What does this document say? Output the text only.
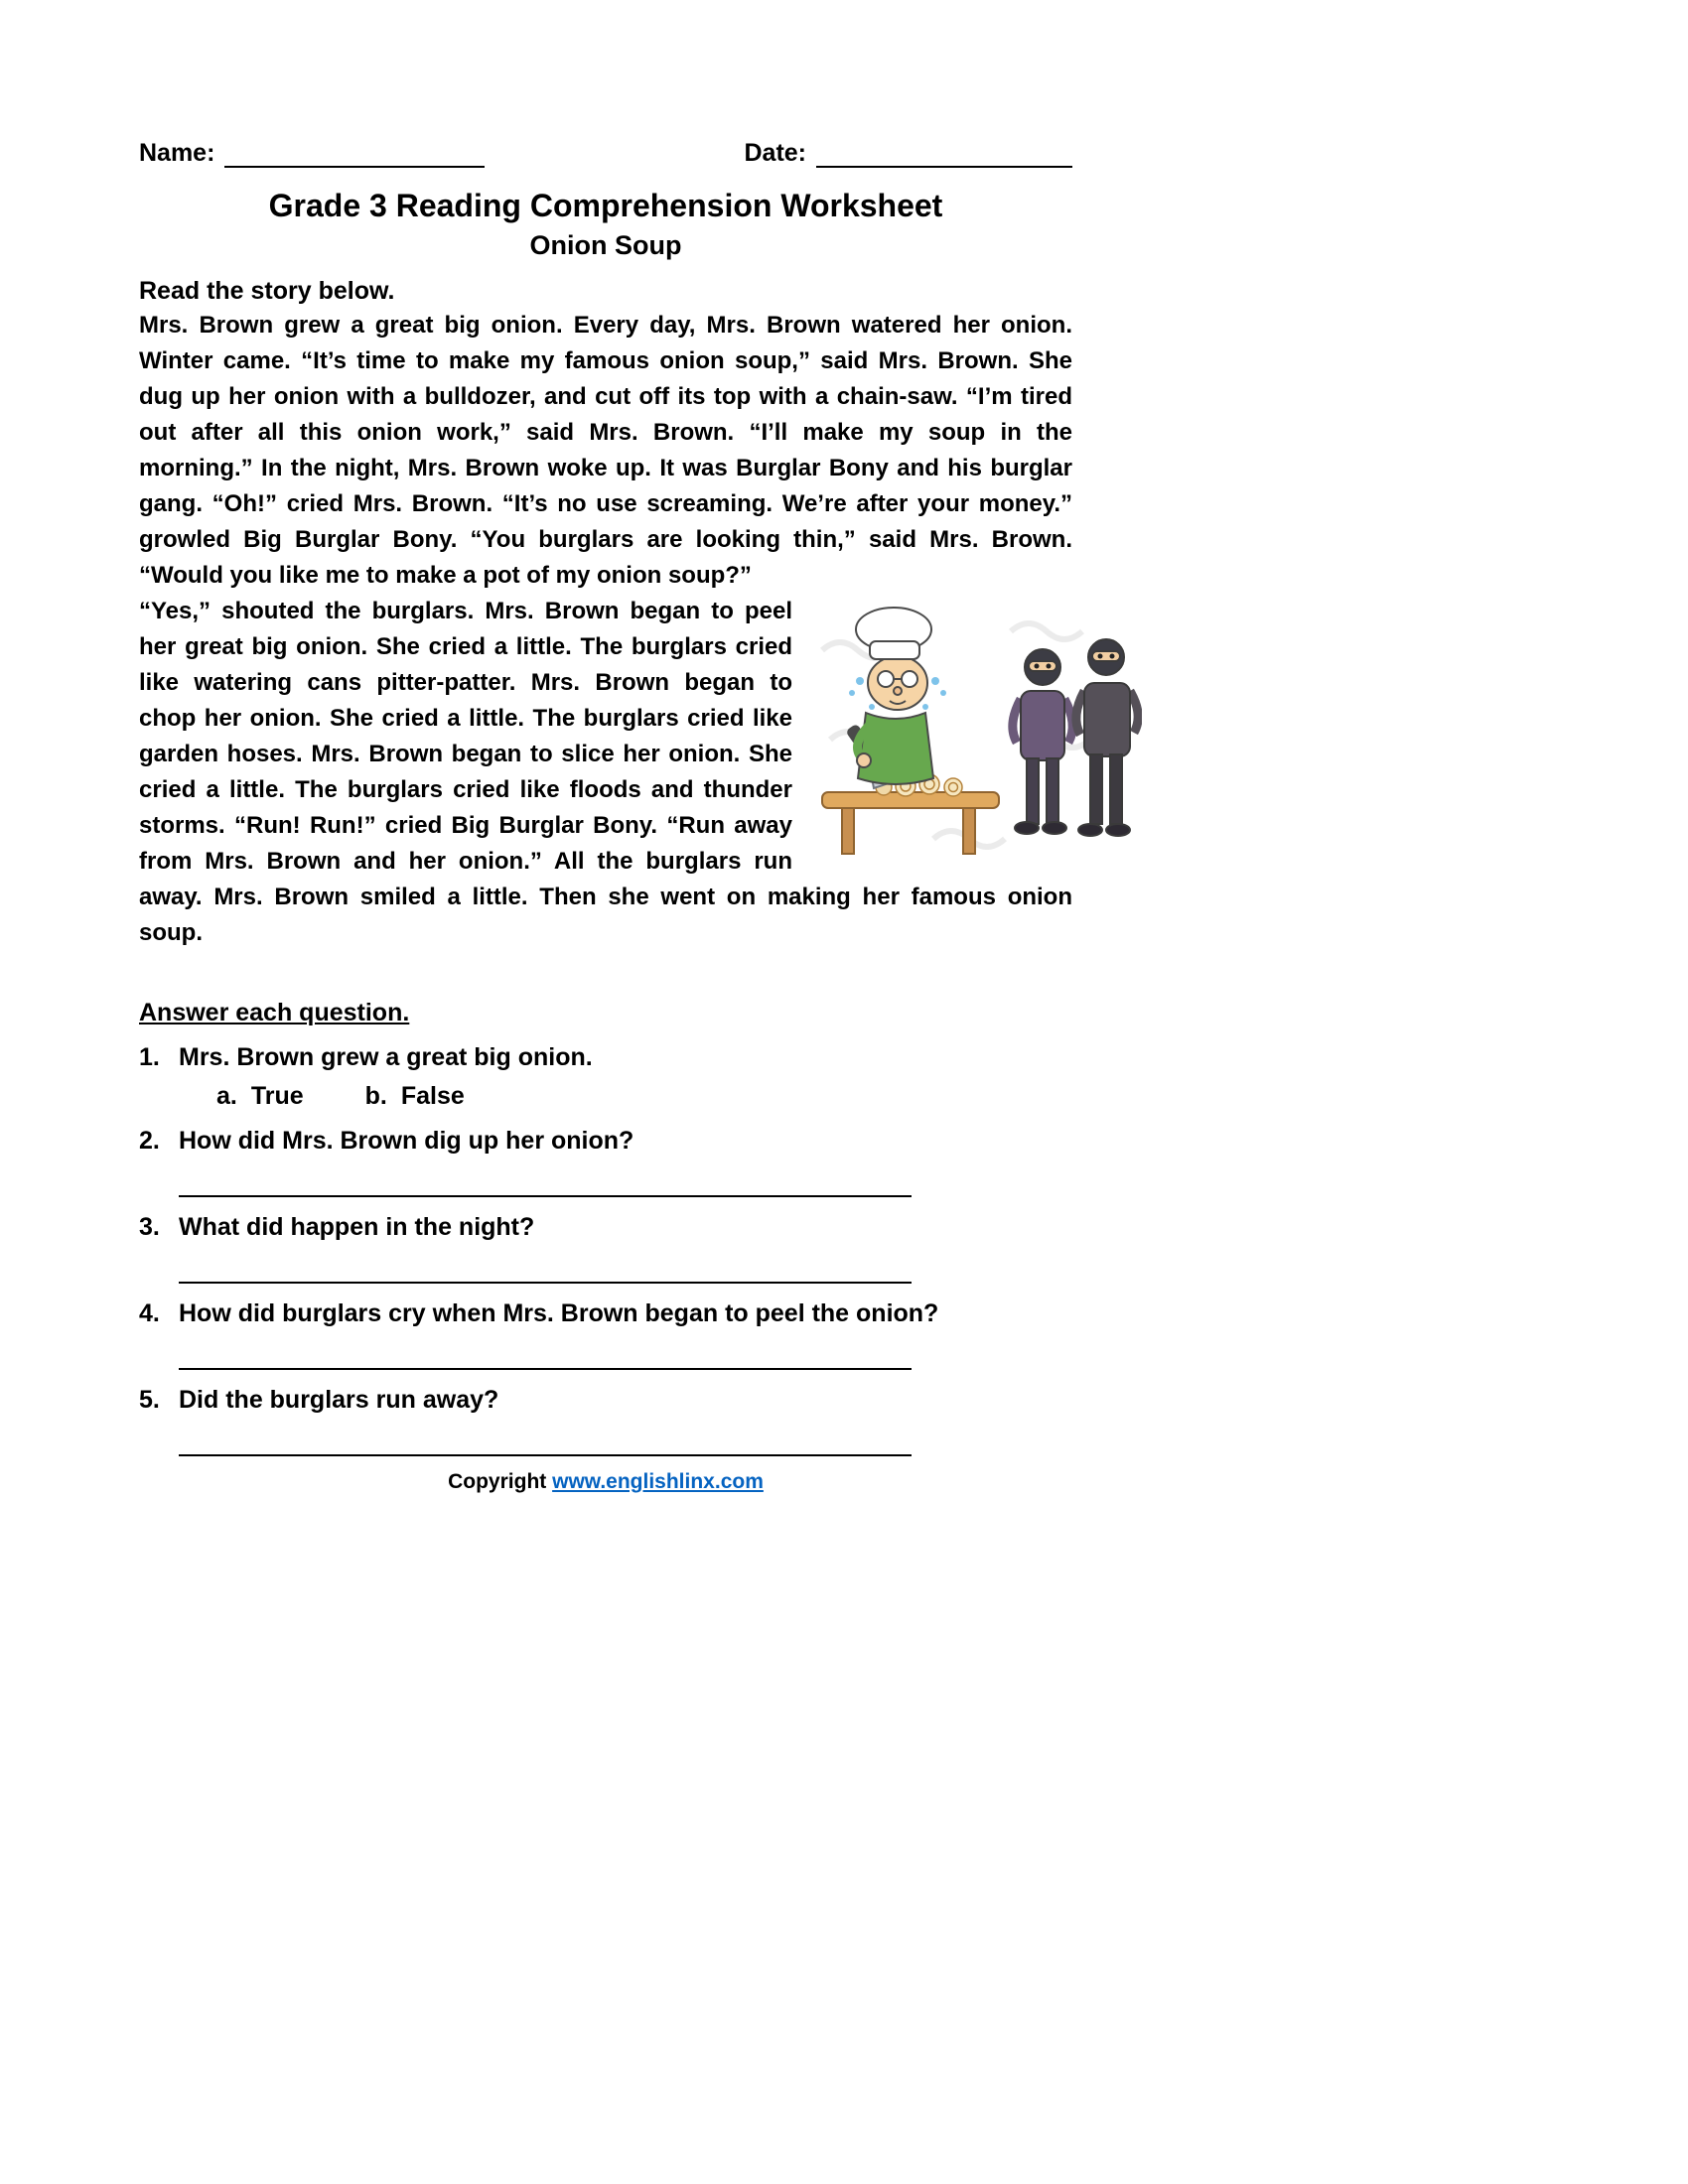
Name:	Date:
Grade 3 Reading Comprehension Worksheet
Onion Soup

Read the story below.

Mrs. Brown grew a great big onion. Every day, Mrs. Brown watered her onion. Winter came. “It’s time to make my famous onion soup,” said Mrs. Brown. She dug up her onion with a bulldozer, and cut off its top with a chain-saw. “I’m tired out after all this onion work,” said Mrs. Brown. “I’ll make my soup in the morning.” In the night, Mrs. Brown woke up. It was Burglar Bony and his burglar gang. “Oh!” cried Mrs. Brown. “It’s no use screaming. We’re after your money.” growled Big Burglar Bony. “You burglars are looking thin,” said Mrs. Brown. “Would you like me to make a pot of my onion soup?”

“Yes,” shouted the burglars. Mrs. Brown began to peel her great big onion. She cried a little. The burglars cried like watering cans pitter-patter. Mrs. Brown began to chop her onion. She cried a little. The burglars cried like garden hoses. Mrs. Brown began to slice her onion. She cried a little. The burglars cried like floods and thunder storms. “Run! Run!” cried Big Burglar Bony. “Run away from Mrs. Brown and her onion.” All the burglars run away. Mrs. Brown smiled a little. Then she went on making her famous onion soup.

Answer each question.

1. Mrs. Brown grew a great big onion.
a. True b. False
2. How did Mrs. Brown dig up her onion?
3. What did happen in the night?
4. How did burglars cry when Mrs. Brown began to peel the onion?
5. Did the burglars run away?
Copyright www.englishlinx.com
